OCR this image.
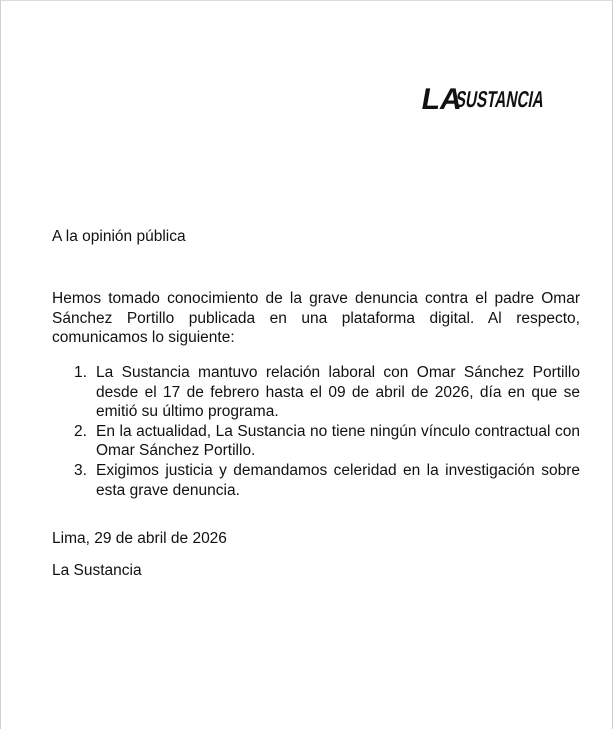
LA
SUSTANCIA
A la opinión pública

Hemos tomado conocimiento de la grave denuncia contra el padre Omar Sánchez Portillo publicada en una plataforma digital. Al respecto, comunicamos lo siguiente:

1. La Sustancia mantuvo relación laboral con Omar Sánchez Portillo desde el 17 de febrero hasta el 09 de abril de 2026, día en que se emitió su último programa.
2. En la actualidad, La Sustancia no tiene ningún vínculo contractual con Omar Sánchez Portillo.
3. Exigimos justicia y demandamos celeridad en la investigación sobre esta grave denuncia.
Lima, 29 de abril de 2026
La Sustancia
